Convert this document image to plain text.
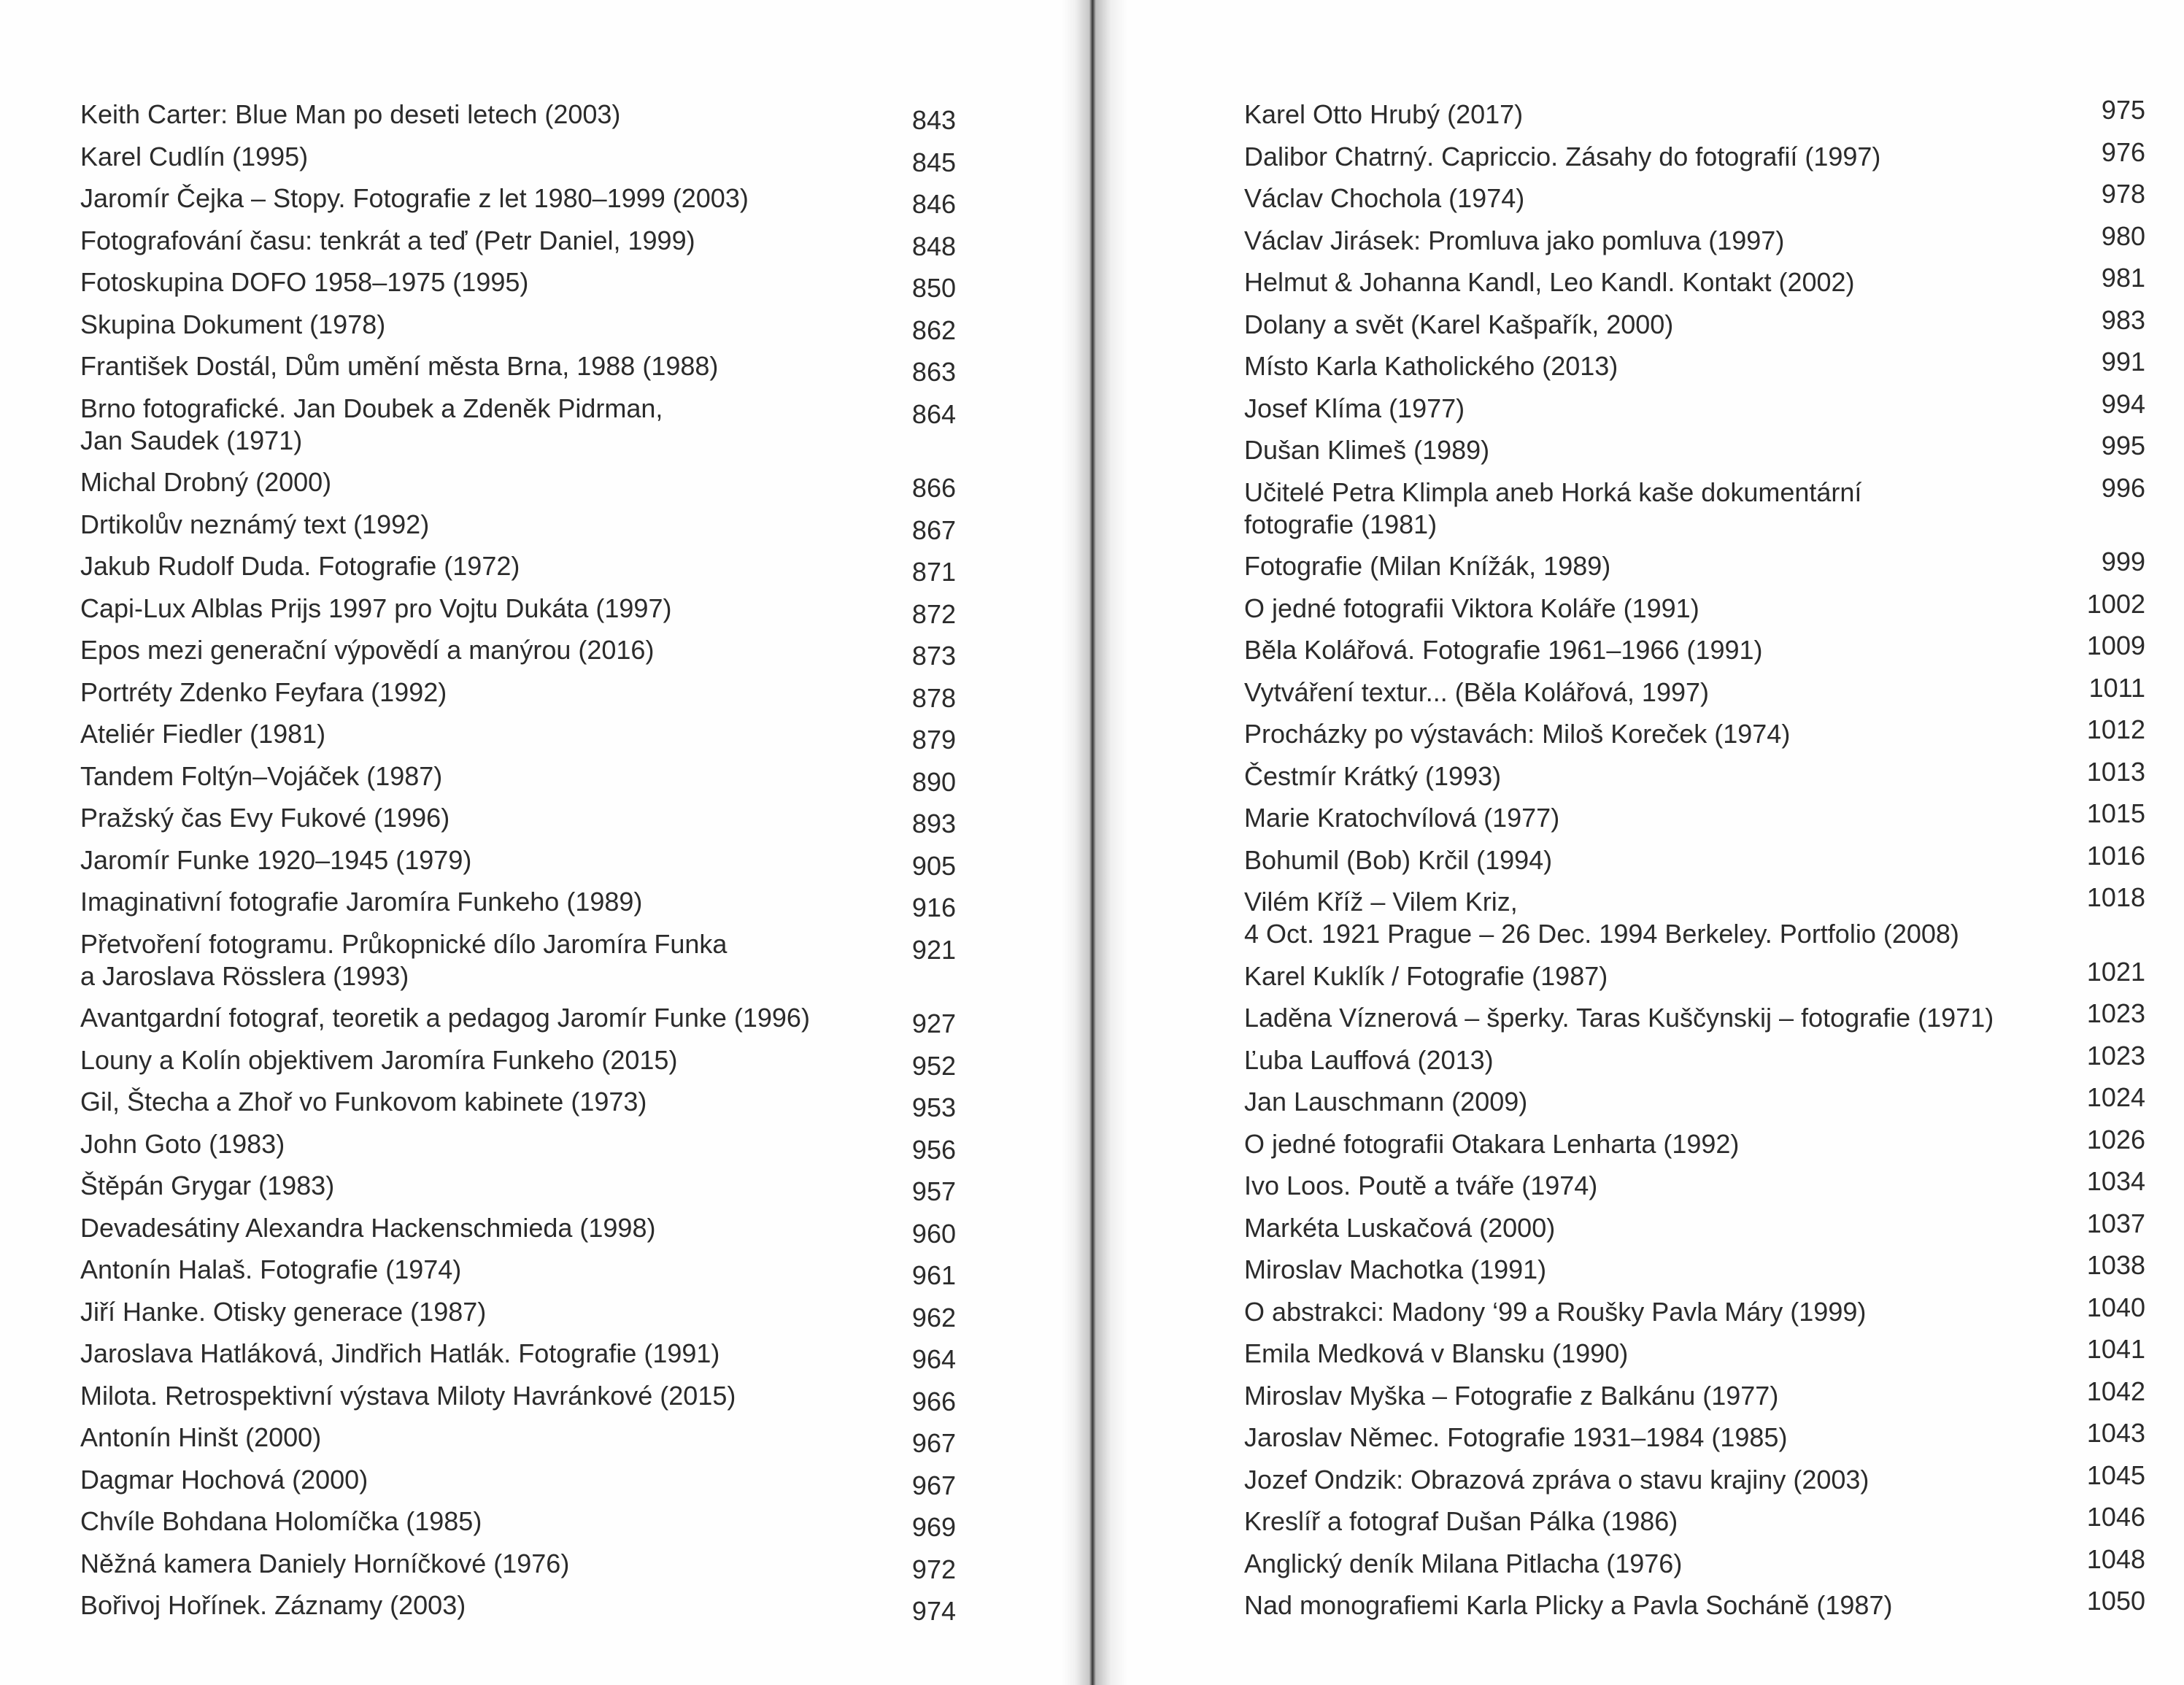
Keith Carter: Blue Man po deseti letech (2003)	843
Karel Cudlín (1995)	845
Jaromír Čejka – Stopy. Fotografie z let 1980–1999 (2003)	846
Fotografování času: tenkrát a teď (Petr Daniel, 1999)	848
Fotoskupina DOFO 1958–1975 (1995)	850
Skupina Dokument (1978)	862
František Dostál, Dům umění města Brna, 1988 (1988)	863
Brno fotografické. Jan Doubek a Zdeněk Pidrman,
Jan Saudek (1971)
864
Michal Drobný (2000)	866
Drtikolův neznámý text (1992)	867
Jakub Rudolf Duda. Fotografie (1972)	871
Capi-Lux Alblas Prijs 1997 pro Vojtu Dukáta (1997)	872
Epos mezi generační výpovědí a manýrou (2016)	873
Portréty Zdenko Feyfara (1992)	878
Ateliér Fiedler (1981)	879
Tandem Foltýn–Vojáček (1987)	890
Pražský čas Evy Fukové (1996)	893
Jaromír Funke 1920–1945 (1979)	905
Imaginativní fotografie Jaromíra Funkeho (1989)	916
Přetvoření fotogramu. Průkopnické dílo Jaromíra Funka
a Jaroslava Rösslera (1993)
921
Avantgardní fotograf, teoretik a pedagog Jaromír Funke (1996)	927
Louny a Kolín objektivem Jaromíra Funkeho (2015)	952
Gil, Štecha a Zhoř vo Funkovom kabinete (1973)	953
John Goto (1983)	956
Štěpán Grygar (1983)	957
Devadesátiny Alexandra Hackenschmieda (1998)	960
Antonín Halaš. Fotografie (1974)	961
Jiří Hanke. Otisky generace (1987)	962
Jaroslava Hatláková, Jindřich Hatlák. Fotografie (1991)	964
Milota. Retrospektivní výstava Miloty Havránkové (2015)	966
Antonín Hinšt (2000)	967
Dagmar Hochová (2000)	967
Chvíle Bohdana Holomíčka (1985)	969
Něžná kamera Daniely Horníčkové (1976)	972
Bořivoj Hořínek. Záznamy (2003)	974
Karel Otto Hrubý (2017)	975
Dalibor Chatrný. Capriccio. Zásahy do fotografií (1997)	976
Václav Chochola (1974)	978
Václav Jirásek: Promluva jako pomluva (1997)	980
Helmut & Johanna Kandl, Leo Kandl. Kontakt (2002)	981
Dolany a svět (Karel Kašpařík, 2000)	983
Místo Karla Katholického (2013)	991
Josef Klíma (1977)	994
Dušan Klimeš (1989)	995
Učitelé Petra Klimpla aneb Horká kaše dokumentární
fotografie (1981)
996
Fotografie (Milan Knížák, 1989)	999
O jedné fotografii Viktora Koláře (1991)	1002
Běla Kolářová. Fotografie 1961–1966 (1991)	1009
Vytváření textur... (Běla Kolářová, 1997)	1011
Procházky po výstavách: Miloš Koreček (1974)	1012
Čestmír Krátký (1993)	1013
Marie Kratochvílová (1977)	1015
Bohumil (Bob) Krčil (1994)	1016
Vilém Kříž – Vilem Kriz,
4 Oct. 1921 Prague – 26 Dec. 1994 Berkeley. Portfolio (2008)
1018
Karel Kuklík / Fotografie (1987)	1021
Laděna Víznerová – šperky. Taras Kuščynskij – fotografie (1971)	1023
Ľuba Lauffová (2013)	1023
Jan Lauschmann (2009)	1024
O jedné fotografii Otakara Lenharta (1992)	1026
Ivo Loos. Poutě a tváře (1974)	1034
Markéta Luskačová (2000)	1037
Miroslav Machotka (1991)	1038
O abstrakci: Madony ‘99 a Roušky Pavla Máry (1999)	1040
Emila Medková v Blansku (1990)	1041
Miroslav Myška – Fotografie z Balkánu (1977)	1042
Jaroslav Němec. Fotografie 1931–1984 (1985)	1043
Jozef Ondzik: Obrazová zpráva o stavu krajiny (2003)	1045
Kreslíř a fotograf Dušan Pálka (1986)	1046
Anglický deník Milana Pitlacha (1976)	1048
Nad monografiemi Karla Plicky a Pavla Sochánĕ (1987)	1050
